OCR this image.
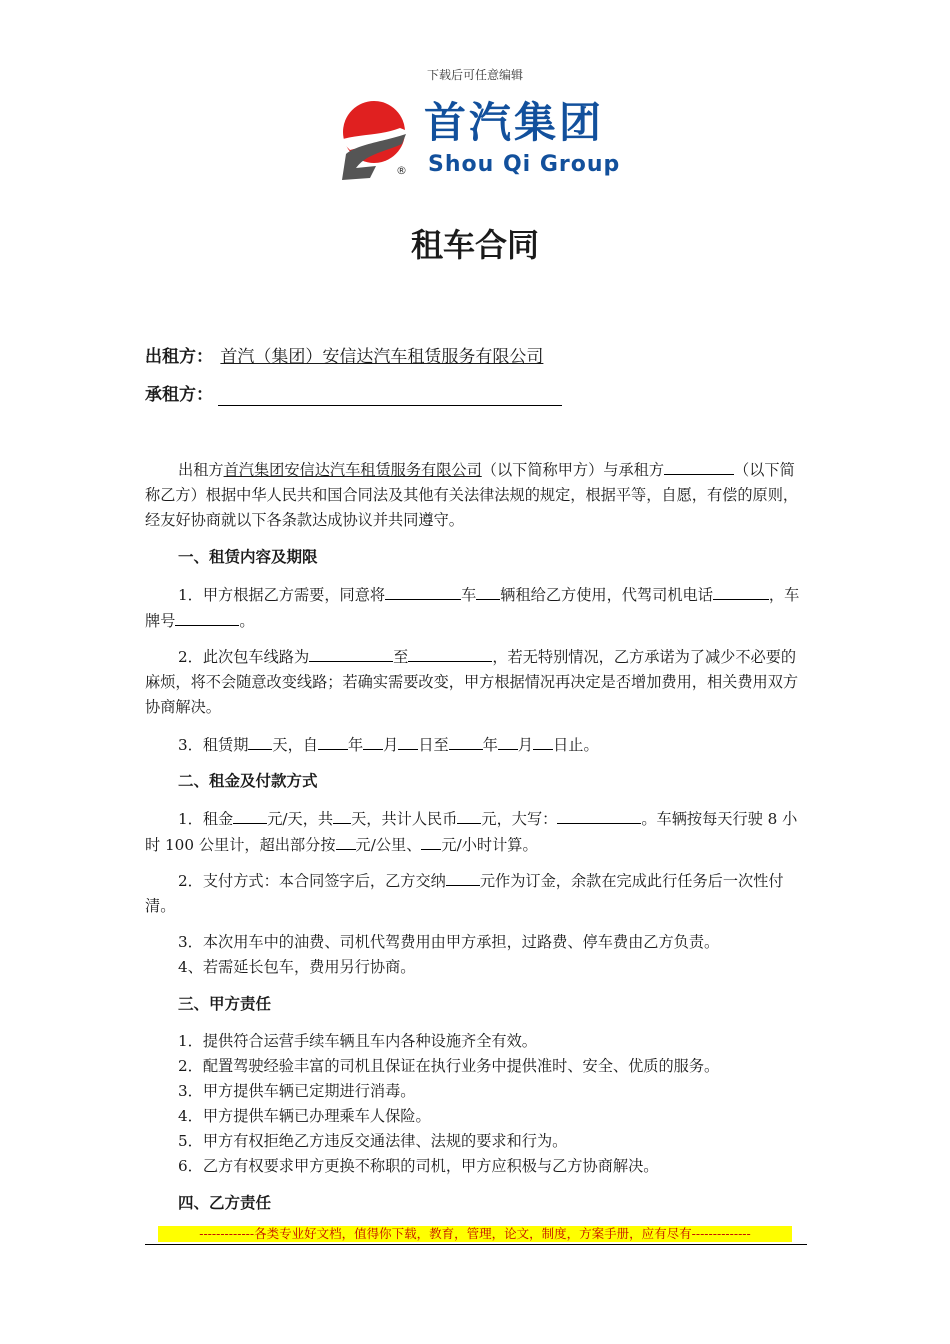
下载后可任意编辑
®
首汽集团
Shou Qi Group
租车合同
出租方： 首汽（集团）安信达汽车租赁服务有限公司
承租方：
出租方首汽集团安信达汽车租赁服务有限公司（以下简称甲方）与承租方	（以下简称乙方）根据中华人民共和国合同法及其他有关法律法规的规定，根据平等，自愿，有偿的原则，经友好协商就以下各条款达成协议并共同遵守。
一、租赁内容及期限
1．甲方根据乙方需要，同意将	车 辆租给乙方使用，代驾司机电话	，车牌号	。
2．此次包车线路为	至	，若无特别情况，乙方承诺为了减少不必要的麻烦，将不会随意改变线路；若确实需要改变，甲方根据情况再决定是否增加费用，相关费用双方协商解决。
3．租赁期 天，自 年 月 日至 年 月 日止。
二、租金及付款方式
1．租金 元/天，共 天，共计人民币 元，大写：	。车辆按每天行驶 8 小时 100 公里计，超出部分按 元/公里、 元/小时计算。
2．支付方式：本合同签字后，乙方交纳 元作为订金，余款在完成此行任务后一次性付清。
3．本次用车中的油费、司机代驾费用由甲方承担，过路费、停车费由乙方负责。
4、若需延长包车，费用另行协商。
三、甲方责任
1．提供符合运营手续车辆且车内各种设施齐全有效。
2．配置驾驶经验丰富的司机且保证在执行业务中提供准时、安全、优质的服务。
3．甲方提供车辆已定期进行消毒。
4．甲方提供车辆已办理乘车人保险。
5．甲方有权拒绝乙方违反交通法律、法规的要求和行为。
6．乙方有权要求甲方更换不称职的司机，甲方应积极与乙方协商解决。
四、乙方责任
-------------各类专业好文档，值得你下载，教育，管理，论文，制度，方案手册，应有尽有--------------
